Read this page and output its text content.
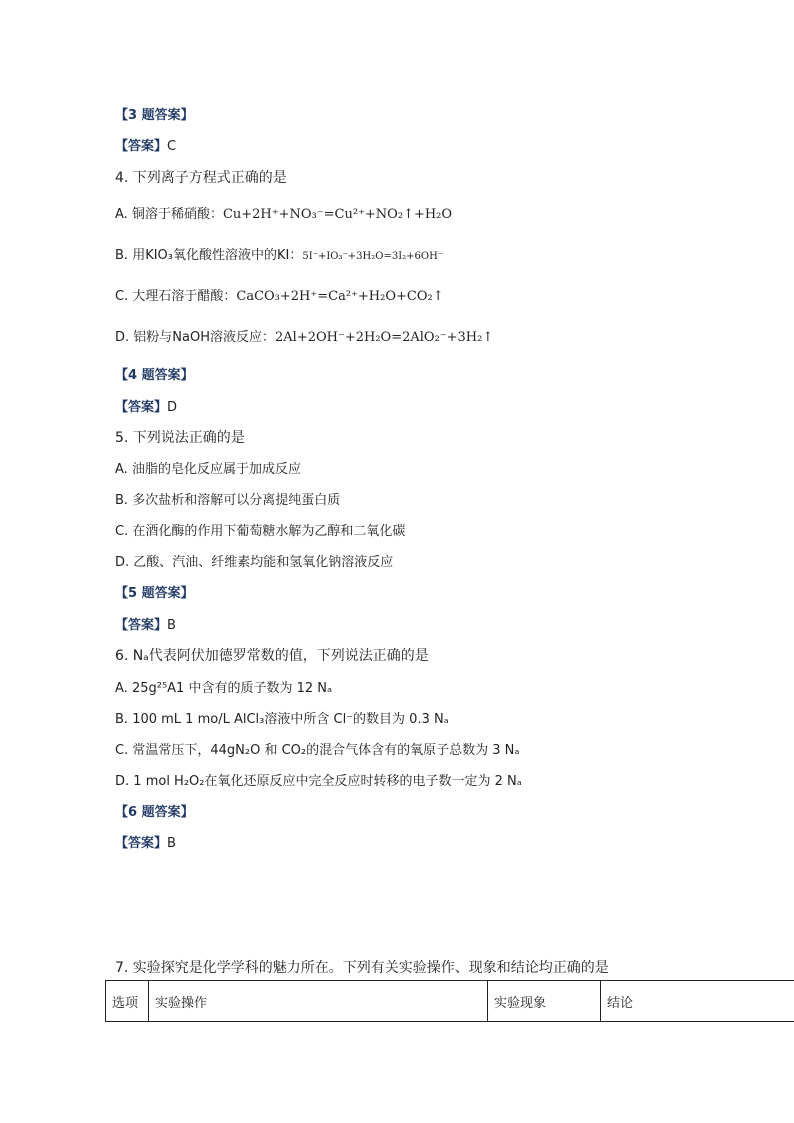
【3 题答案】
【答案】C
4. 下列离子方程式正确的是
A. 铜溶于稀硝酸：Cu+2H⁺+NO₃⁻=Cu²⁺+NO₂↑+H₂O
B. 用KIO₃氧化酸性溶液中的KI：5I⁻+IO₃⁻+3H₂O=3I₂+6OH⁻
C. 大理石溶于醋酸：CaCO₃+2H⁺=Ca²⁺+H₂O+CO₂↑
D. 铝粉与NaOH溶液反应：2Al+2OH⁻+2H₂O=2AlO₂⁻+3H₂↑
【4 题答案】
【答案】D
5. 下列说法正确的是
A. 油脂的皂化反应属于加成反应
B. 多次盐析和溶解可以分离提纯蛋白质
C. 在酒化酶的作用下葡萄糖水解为乙醇和二氧化碳
D. 乙酸、汽油、纤维素均能和氢氧化钠溶液反应
【5 题答案】
【答案】B
6. Nₐ代表阿伏加德罗常数的值，下列说法正确的是
A. 25g²⁵A1 中含有的质子数为 12 Nₐ
B. 100 mL 1 mo/L AlCl₃溶液中所含 Cl⁻的数目为 0.3 Nₐ
C. 常温常压下，44gN₂O 和 CO₂的混合气体含有的氧原子总数为 3 Nₐ
D. 1 mol H₂O₂在氧化还原反应中完全反应时转移的电子数一定为 2 Nₐ
【6 题答案】
【答案】B
7. 实验探究是化学学科的魅力所在。下列有关实验操作、现象和结论均正确的是
选项	实验操作	实验现象	结论
